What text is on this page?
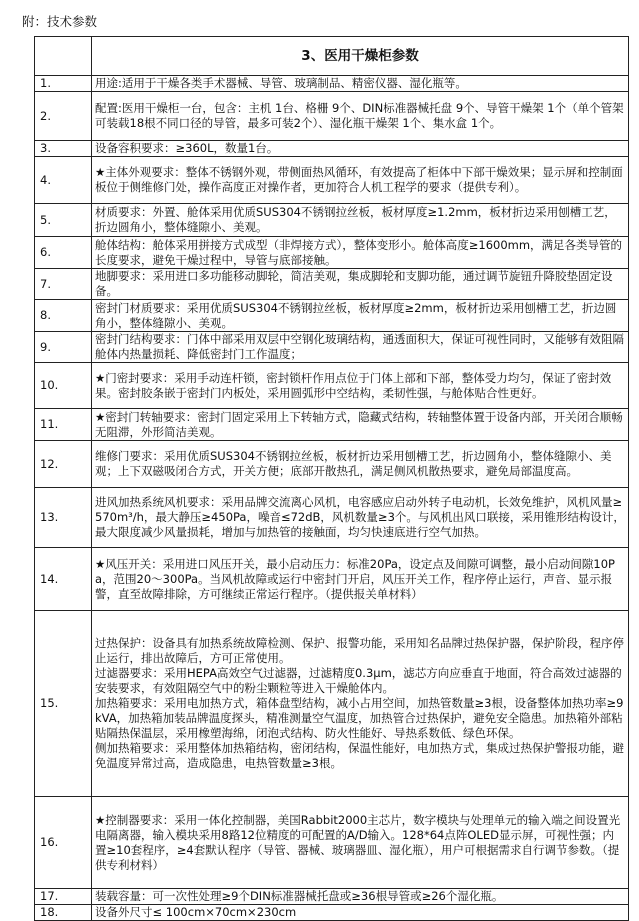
附：技术参数
	3、医用干燥柜参数
1.	用途:适用于干燥各类手术器械、导管、玻璃制品、精密仪器、湿化瓶等。

2.	配置:医用干燥柜一台，包含：主机 1台、格栅 9个、DIN标准器械托盘 9个、导管干燥架 1个（单个管架可装载18根不同口径的导管，最多可装2个）、湿化瓶干燥架 1个、集水盒 1个。

3.	设备容积要求：≥360L，数量1台。

4.	★主体外观要求：整体不锈钢外观，带侧面热风循环，有效提高了柜体中下部干燥效果；显示屏和控制面板位于侧维修门处，操作高度正对操作者，更加符合人机工程学的要求（提供专利）。

5.	材质要求：外置、舱体采用优质SUS304不锈钢拉丝板，板材厚度≥1.2mm，板材折边采用刨槽工艺，折边圆角小，整体缝隙小、美观。

6.	舱体结构：舱体采用拼接方式成型（非焊接方式），整体变形小。舱体高度≥1600mm，满足各类导管的长度要求，避免干燥过程中，导管与底部接触。

7.	地脚要求：采用进口多功能移动脚轮，简洁美观，集成脚轮和支脚功能，通过调节旋钮升降胶垫固定设备。

8.	密封门材质要求：采用优质SUS304不锈钢拉丝板，板材厚度≥2mm，板材折边采用刨槽工艺，折边圆角小，整体缝隙小、美观。

9.	密封门结构要求：门体中部采用双层中空钢化玻璃结构，通透面积大，保证可视性同时，又能够有效阻隔舱体内热量损耗、降低密封门工作温度；

10.	★门密封要求：采用手动连杆锁，密封锁杆作用点位于门体上部和下部，整体受力均匀，保证了密封效果。密封胶条嵌于密封门内板处，采用圆弧形中空结构，柔韧性强，与舱体贴合性更好。

11.	★密封门转轴要求：密封门固定采用上下转轴方式，隐藏式结构，转轴整体置于设备内部，开关闭合顺畅无阻滞，外形简洁美观。

12.	维修门要求：采用优质SUS304不锈钢拉丝板，板材折边采用刨槽工艺，折边圆角小，整体缝隙小、美观；上下双磁吸闭合方式，开关方便；底部开散热孔，满足侧风机散热要求，避免局部温度高。

13.	进风加热系统风机要求：采用品牌交流离心风机，电容感应启动外转子电动机，长效免维护，风机风量≥570m³/h，最大静压≥450Pa，噪音≤72dB，风机数量≥3个。与风机出风口联接，采用锥形结构设计，最大限度减少风量损耗，增加与加热管的接触面，均匀快速底进行空气加热。

14.	★风压开关：采用进口风压开关，最小启动压力：标准20Pa，设定点及间隙可调整，最小启动间隙10Pa，范围20～300Pa。当风机故障或运行中密封门开启，风压开关工作，程序停止运行，声音、显示报警，直至故障排除，方可继续正常运行程序。（提供报关单材料）

15.	过热保护：设备具有加热系统故障检测、保护、报警功能，采用知名品牌过热保护器，保护阶段，程序停止运行，排出故障后，方可正常使用。
过滤器要求：采用HEPA高效空气过滤器，过滤精度0.3μm，滤芯方向应垂直于地面，符合高效过滤器的安装要求，有效阻隔空气中的粉尘颗粒等进入干燥舱体内。
加热箱要求：采用电加热方式，箱体盘型结构，减小占用空间，加热管数量≥3根，设备整体加热功率≥9kVA，加热箱加装品牌温度探头，精准测量空气温度，加热管合过热保护，避免安全隐患。加热箱外部粘贴隔热保温层，采用橡塑海绵，闭泡式结构、防火性能好、导热系数低、绿色环保。
侧加热箱要求：采用整体加热箱结构，密闭结构，保温性能好，电加热方式，集成过热保护警报功能，避免温度异常过高，造成隐患，电热管数量≥3根。

16.	★控制器要求：采用一体化控制器，美国Rabbit2000主芯片，数字模块与处理单元的输入端之间设置光电隔离器，输入模块采用8路12位精度的可配置的A/D输入。128*64点阵OLED显示屏，可视性强；内置≥10套程序，≥4套默认程序（导管、器械、玻璃器皿、湿化瓶），用户可根据需求自行调节参数。（提供专利材料）

17.	装载容量：可一次性处理≥9个DIN标准器械托盘或≥36根导管或≥26个湿化瓶。

18.	设备外尺寸≤ 100cm×70cm×230cm
